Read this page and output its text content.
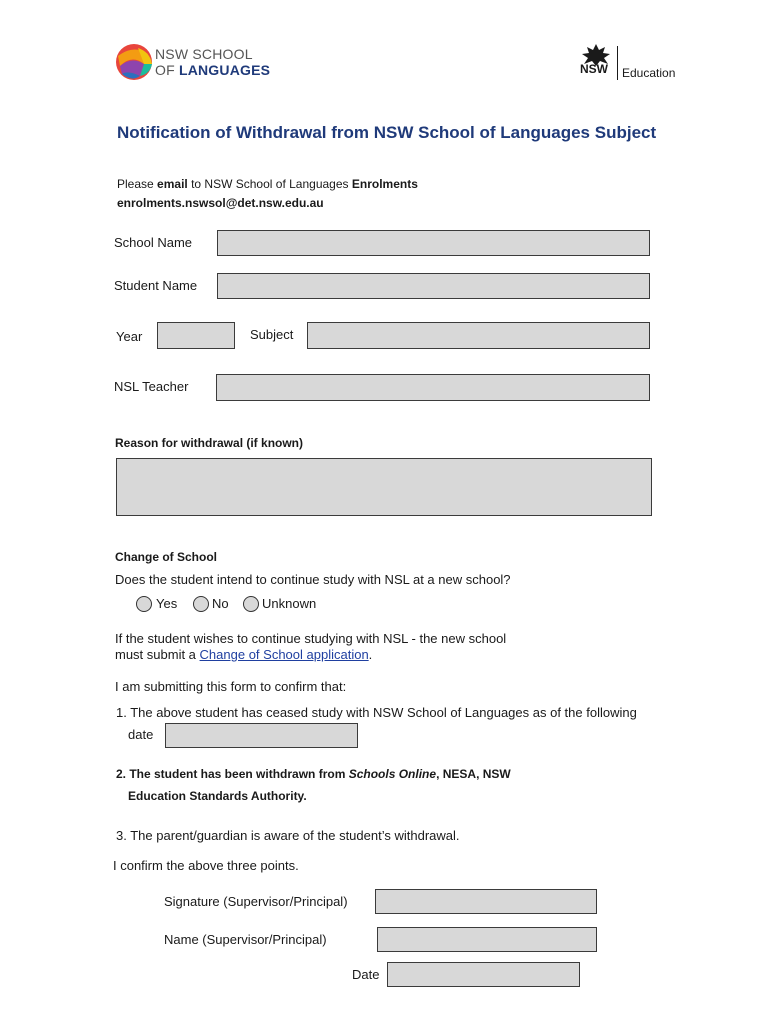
NSW SCHOOL
OF LANGUAGES	NSW Education
Notification of Withdrawal from NSW School of Languages Subject
Please email to NSW School of Languages Enrolments
enrolments.nswsol@det.nsw.edu.au
School Name
Student Name
Year	Subject
NSL Teacher
Reason for withdrawal (if known)
Change of School
Does the student intend to continue study with NSL at a new school?
Yes	No	Unknown
If the student wishes to continue studying with NSL - the new school
must submit a Change of School application.
I am submitting this form to confirm that:
1. The above student has ceased study with NSW School of Languages as of the following
date
2. The student has been withdrawn from Schools Online, NESA, NSW
Education Standards Authority.
3. The parent/guardian is aware of the student’s withdrawal.
I confirm the above three points.
Signature (Supervisor/Principal)
Name (Supervisor/Principal)
Date
